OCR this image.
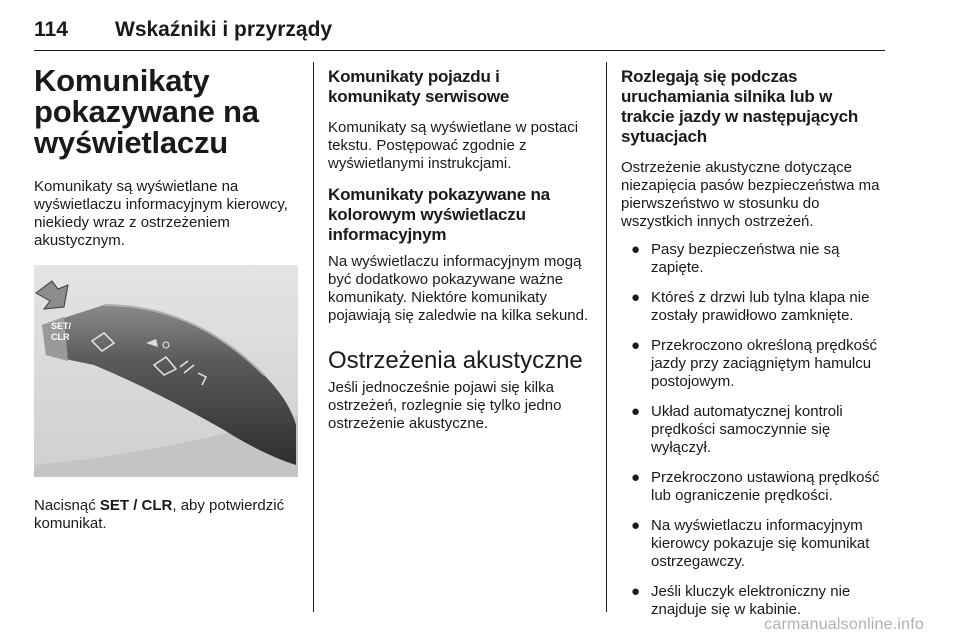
114 Wskaźniki i przyrządy
Komunikaty pokazywane na wyświetlaczu

Komunikaty są wyświetlane na wyświetlaczu informacyjnym kierowcy, niekiedy wraz z ostrzeżeniem akustycznym.

SET/
CLR

Nacisnąć SET / CLR, aby potwierdzić komunikat.

Komunikaty pojazdu i komunikaty serwisowe

Komunikaty są wyświetlane w postaci tekstu. Postępować zgodnie z wyświetlanymi instrukcjami.

Komunikaty pokazywane na kolorowym wyświetlaczu informacyjnym

Na wyświetlaczu informacyjnym mogą być dodatkowo pokazywane ważne komunikaty. Niektóre komunikaty pojawiają się zaledwie na kilka sekund.

Ostrzeżenia akustyczne

Jeśli jednocześnie pojawi się kilka ostrzeżeń, rozlegnie się tylko jedno ostrzeżenie akustyczne.

Rozlegają się podczas uruchamiania silnika lub w trakcie jazdy w następujących sytuacjach

Ostrzeżenie akustyczne dotyczące niezapięcia pasów bezpieczeństwa ma pierwszeństwo w stosunku do wszystkich innych ostrzeżeń.

● Pasy bezpieczeństwa nie są zapięte.
● Któreś z drzwi lub tylna klapa nie zostały prawidłowo zamknięte.
● Przekroczono określoną prędkość jazdy przy zaciągniętym hamulcu postojowym.
● Układ automatycznej kontroli prędkości samoczynnie się wyłączył.
● Przekroczono ustawioną prędkość lub ograniczenie prędkości.
● Na wyświetlaczu informacyjnym kierowcy pokazuje się komunikat ostrzegawczy.
● Jeśli kluczyk elektroniczny nie znajduje się w kabinie.
carmanualsonline.info
